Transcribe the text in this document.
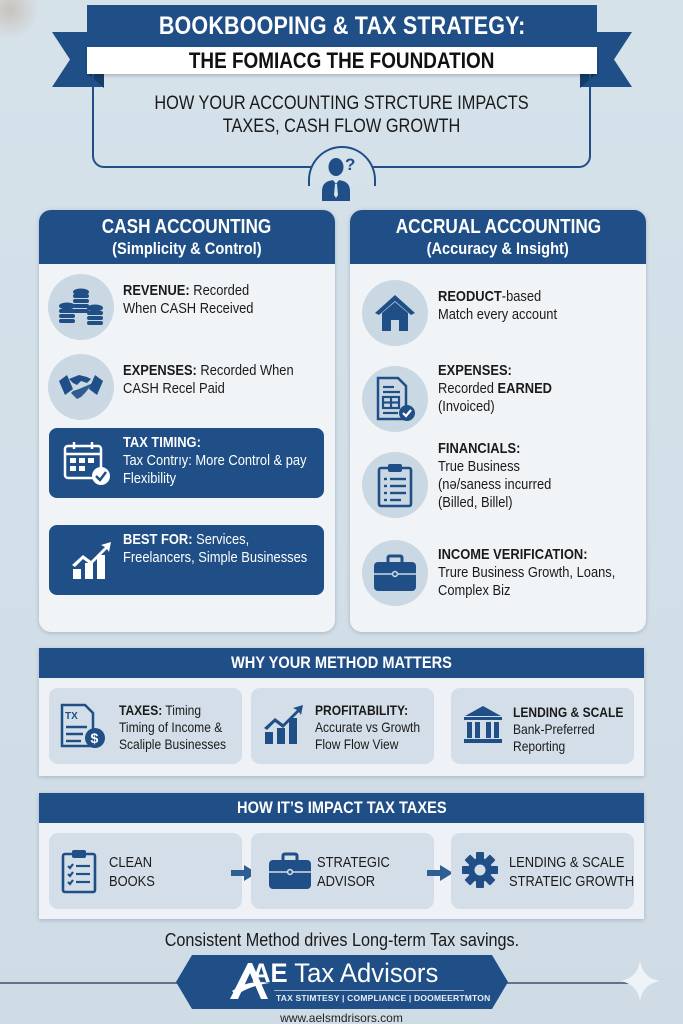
BOOKBOOPING & TAX STRATEGY:
THE FOMIACG THE FOUNDATION
HOW YOUR ACCOUNTING STRCTURE IMPACTS
TAXES, CASH FLOW GROWTH
?
CASH ACCOUNTING
(Simplicity & Control)
REVENUE: Recorded
When CASH Received
EXPENSES: Recorded When
CASH Recel Paid
TAX TIMING:
Tax Contrıy: More Control & pay
Flexibility
BEST FOR: Services,
Freelancers, Simple Businesses
ACCRUAL ACCOUNTING
(Accuracy & Insight)
REODUCT-based
Match every account
EXPENSES:
Recorded EARNED
(Invoiced)
FINANCIALS:
True Business
(nə/saness incurred
(Billed, Billel)
INCOME VERIFICATION:
Trure Business Growth, Loans,
Complex Biz
WHY YOUR METHOD MATTERS
TX
$
TAXES: Timing
Timing of Income &
Scaliple Businesses
PROFITABILITY:
Accurate vs Growth
Flow Flow View
LENDING & SCALE
Bank-Preferred
Reporting
HOW IT’S IMPACT TAX TAXES
CLEAN
BOOKS
STRATEGIC
ADVISOR
LENDING & SCALE
STRATEIC GROWTH
Consistent Method drives Long-term Tax savings.
AE Tax Advisors
TAX STIMTESY | COMPLIANCE | DOOMEERTMTON
www.aelsmdrisors.com
